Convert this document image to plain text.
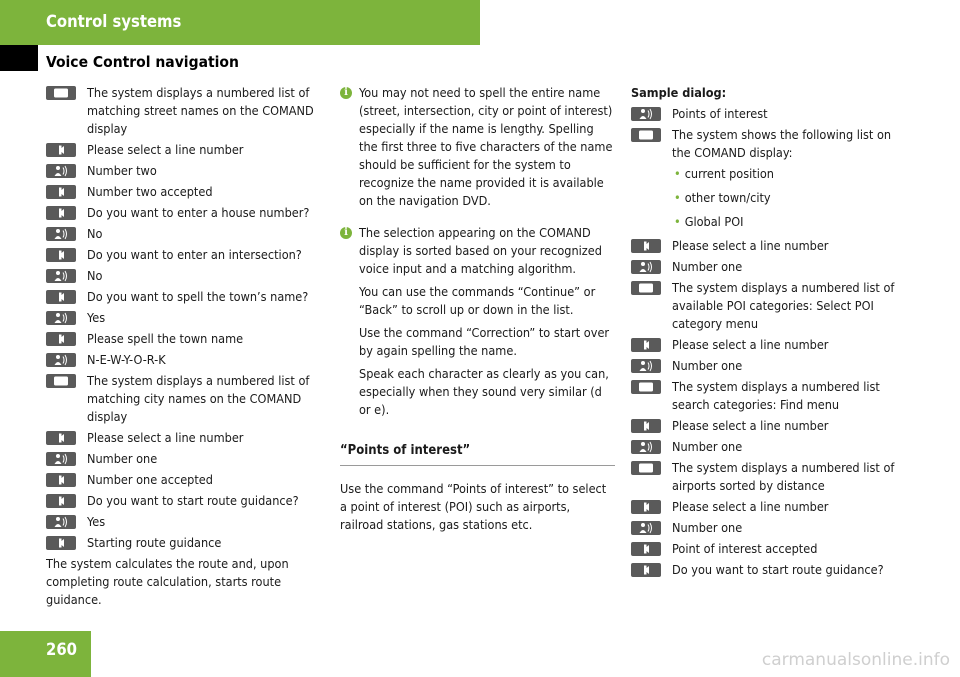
Control systems
Voice Control navigation
The system displays a numbered list of matching street names on the COMAND display
Please select a line number
Number two
Number two accepted
Do you want to enter a house number?
No
Do you want to enter an intersection?
No
Do you want to spell the town’s name?
Yes
Please spell the town name
N-E-W-Y-O-R-K
The system displays a numbered list of matching city names on the COMAND display
Please select a line number
Number one
Number one accepted
Do you want to start route guidance?
Yes
Starting route guidance

The system calculates the route and, upon completing route calculation, starts route guidance.

i You may not need to spell the entire name (street, intersection, city or point of interest) especially if the name is lengthy. Spelling the first three to five characters of the name should be sufficient for the system to recognize the name provided it is available on the navigation DVD.

i The selection appearing on the COMAND display is sorted based on your recognized voice input and a matching algorithm.

You can use the commands “Continue” or “Back” to scroll up or down in the list.

Use the command “Correction” to start over by again spelling the name.

Speak each character as clearly as you can, especially when they sound very similar (d or e).

“Points of interest”

Use the command “Points of interest” to select a point of interest (POI) such as airports, railroad stations, gas stations etc.

Sample dialog:
Points of interest
The system shows the following list on the COMAND display:
• current position
• other town/city
• Global POI
Please select a line number
Number one
The system displays a numbered list of available POI categories: Select POI category menu
Please select a line number
Number one
The system displays a numbered list search categories: Find menu
Please select a line number
Number one
The system displays a numbered list of airports sorted by distance
Please select a line number
Number one
Point of interest accepted
Do you want to start route guidance?
260
carmanualsonline.info
